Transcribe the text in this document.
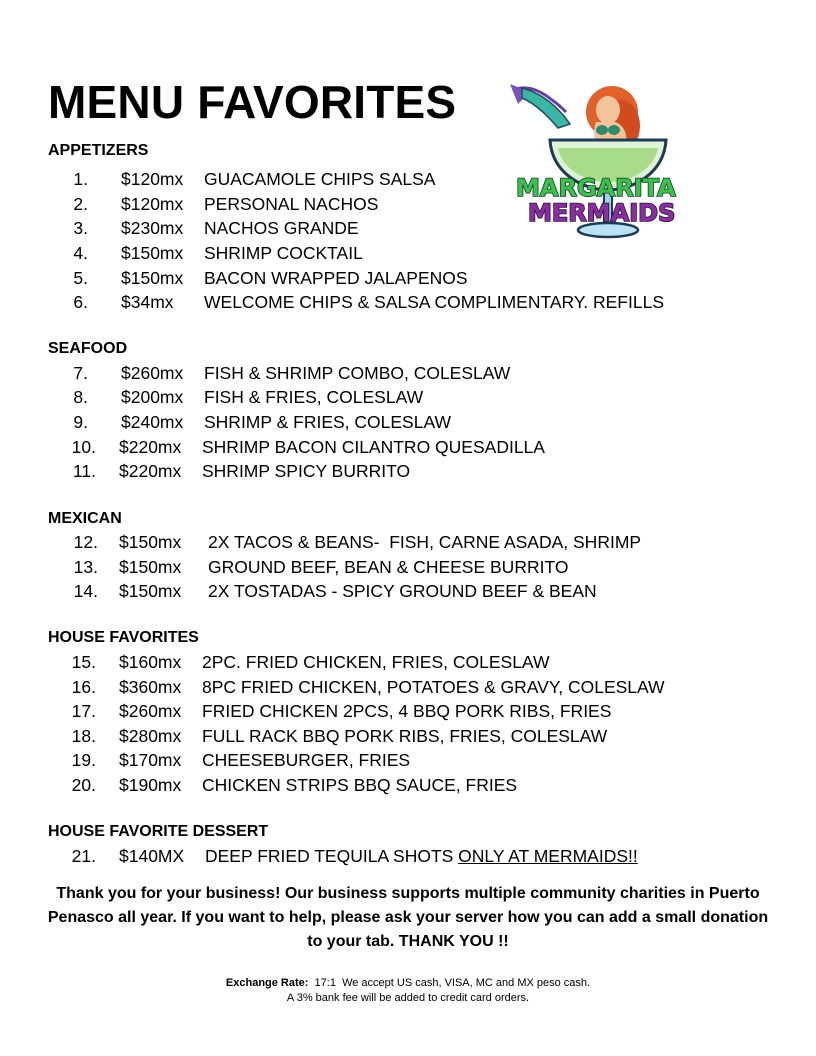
MENU FAVORITES
MARGARITA
MERMAIDS
APPETIZERS
1. $120mx GUACAMOLE CHIPS SALSA
2. $120mx PERSONAL NACHOS
3. $230mx NACHOS GRANDE
4. $150mx SHRIMP COCKTAIL
5. $150mx BACON WRAPPED JALAPENOS
6. $34mx WELCOME CHIPS & SALSA COMPLIMENTARY. REFILLS
SEAFOOD
7. $260mx FISH & SHRIMP COMBO, COLESLAW
8. $200mx FISH & FRIES, COLESLAW
9. $240mx SHRIMP & FRIES, COLESLAW
10. $220mx SHRIMP BACON CILANTRO QUESADILLA
11. $220mx SHRIMP SPICY BURRITO
MEXICAN
12. $150mx 2X TACOS & BEANS-  FISH, CARNE ASADA, SHRIMP
13. $150mx GROUND BEEF, BEAN & CHEESE BURRITO
14. $150mx 2X TOSTADAS - SPICY GROUND BEEF & BEAN
HOUSE FAVORITES
15. $160mx 2PC. FRIED CHICKEN, FRIES, COLESLAW
16. $360mx 8PC FRIED CHICKEN, POTATOES & GRAVY, COLESLAW
17. $260mx FRIED CHICKEN 2PCS, 4 BBQ PORK RIBS, FRIES
18. $280mx FULL RACK BBQ PORK RIBS, FRIES, COLESLAW
19. $170mx CHEESEBURGER, FRIES
20. $190mx CHICKEN STRIPS BBQ SAUCE, FRIES
HOUSE FAVORITE DESSERT
21. $140MX DEEP FRIED TEQUILA SHOTS ONLY AT MERMAIDS!!
Thank you for your business! Our business supports multiple community charities in Puerto Penasco all year. If you want to help, please ask your server how you can add a small donation to your tab. THANK YOU !!
Exchange Rate:  17:1  We accept US cash, VISA, MC and MX peso cash.
A 3% bank fee will be added to credit card orders.
